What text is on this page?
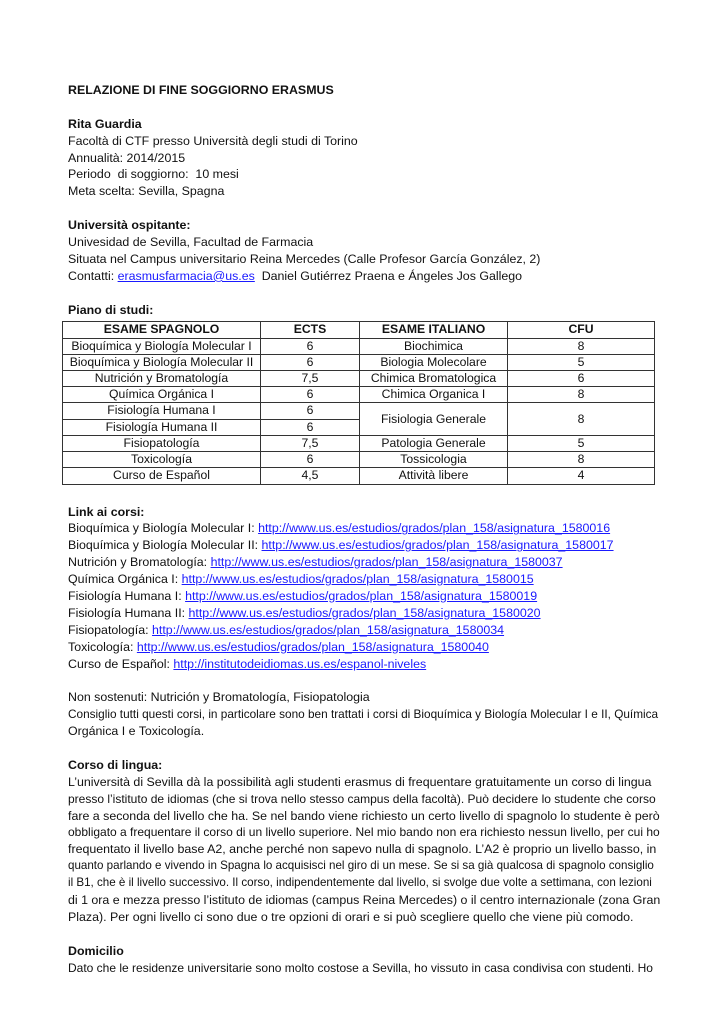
RELAZIONE DI FINE SOGGIORNO ERASMUS
Rita Guardia
Facoltà di CTF presso Università degli studi di Torino
Annualità: 2014/2015
Periodo  di soggiorno:  10 mesi
Meta scelta: Sevilla, Spagna
Università ospitante:
Univesidad de Sevilla, Facultad de Farmacia
Situata nel Campus universitario Reina Mercedes (Calle Profesor García González, 2)
Contatti: erasmusfarmacia@us.es  Daniel Gutiérrez Praena e Ángeles Jos Gallego
Piano di studi:
ESAME SPAGNOLO	ECTS	ESAME ITALIANO	CFU
Bioquímica y Biología Molecular I	6	Biochimica	8
Bioquímica y Biología Molecular II	6	Biologia Molecolare	5
Nutrición y Bromatología	7,5	Chimica Bromatologica	6
Química Orgánica I	6	Chimica Organica I	8
Fisiología Humana I	6	Fisiologia Generale	8
Fisiología Humana II	6		
Fisiopatología	7,5	Patologia Generale	5
Toxicología	6	Tossicologia	8
Curso de Español	4,5	Attività libere	4
Link ai corsi:
Bioquímica y Biología Molecular I: http://www.us.es/estudios/grados/plan_158/asignatura_1580016
Bioquímica y Biología Molecular II: http://www.us.es/estudios/grados/plan_158/asignatura_1580017
Nutrición y Bromatología: http://www.us.es/estudios/grados/plan_158/asignatura_1580037
Química Orgánica I: http://www.us.es/estudios/grados/plan_158/asignatura_1580015
Fisiología Humana I: http://www.us.es/estudios/grados/plan_158/asignatura_1580019
Fisiología Humana II: http://www.us.es/estudios/grados/plan_158/asignatura_1580020
Fisiopatología: http://www.us.es/estudios/grados/plan_158/asignatura_1580034
Toxicología: http://www.us.es/estudios/grados/plan_158/asignatura_1580040
Curso de Español: http://institutodeidiomas.us.es/espanol-niveles
Non sostenuti: Nutrición y Bromatología, Fisiopatologia
Consiglio tutti questi corsi, in particolare sono ben trattati i corsi di Bioquímica y Biología Molecular I e II, Química
Orgánica I e Toxicología.
Corso di lingua:
L’università di Sevilla dà la possibilità agli studenti erasmus di frequentare gratuitamente un corso di lingua
presso l’istituto de idiomas (che si trova nello stesso campus della facoltà). Può decidere lo studente che corso
fare a seconda del livello che ha. Se nel bando viene richiesto un certo livello di spagnolo lo studente è però
obbligato a frequentare il corso di un livello superiore. Nel mio bando non era richiesto nessun livello, per cui ho
frequentato il livello base A2, anche perché non sapevo nulla di spagnolo. L’A2 è proprio un livello basso, in
quanto parlando e vivendo in Spagna lo acquisisci nel giro di un mese. Se si sa già qualcosa di spagnolo consiglio
il B1, che è il livello successivo. Il corso, indipendentemente dal livello, si svolge due volte a settimana, con lezioni
di 1 ora e mezza presso l’istituto de idiomas (campus Reina Mercedes) o il centro internazionale (zona Gran
Plaza). Per ogni livello ci sono due o tre opzioni di orari e si può scegliere quello che viene più comodo.
Domicilio
Dato che le residenze universitarie sono molto costose a Sevilla, ho vissuto in casa condivisa con studenti. Ho
